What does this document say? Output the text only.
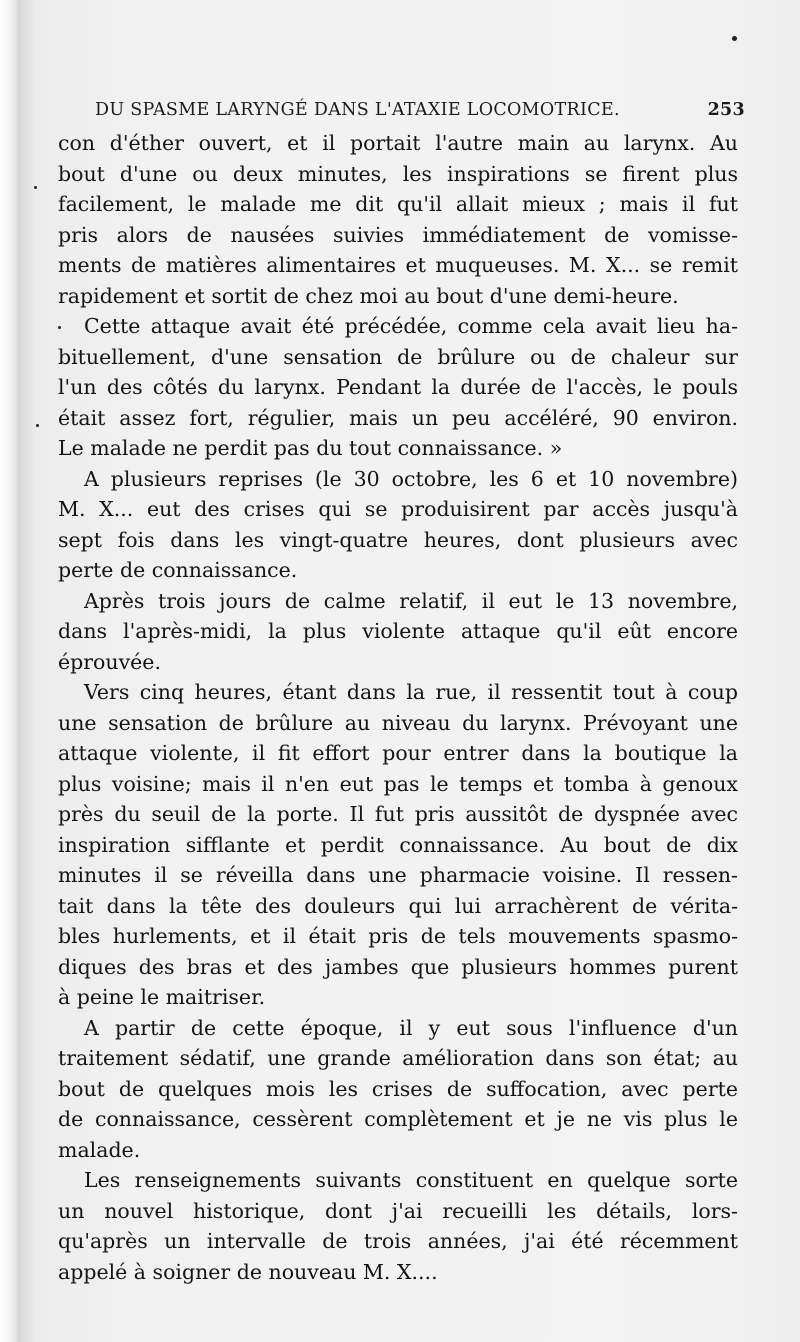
DU SPASME LARYNGÉ DANS L'ATAXIE LOCOMOTRICE.	253
con d'éther ouvert, et il portait l'autre main au larynx. Au
bout d'une ou deux minutes, les inspirations se firent plus
facilement, le malade me dit qu'il allait mieux ; mais il fut
pris alors de nausées suivies immédiatement de vomisse-
ments de matières alimentaires et muqueuses. M. X... se remit
rapidement et sortit de chez moi au bout d'une demi-heure.
Cette attaque avait été précédée, comme cela avait lieu ha-
bituellement, d'une sensation de brûlure ou de chaleur sur
l'un des côtés du larynx. Pendant la durée de l'accès, le pouls
était assez fort, régulier, mais un peu accéléré, 90 environ.
Le malade ne perdit pas du tout connaissance. »
A plusieurs reprises (le 30 octobre, les 6 et 10 novembre)
M. X... eut des crises qui se produisirent par accès jusqu'à
sept fois dans les vingt-quatre heures, dont plusieurs avec
perte de connaissance.
Après trois jours de calme relatif, il eut le 13 novembre,
dans l'après-midi, la plus violente attaque qu'il eût encore
éprouvée.
Vers cinq heures, étant dans la rue, il ressentit tout à coup
une sensation de brûlure au niveau du larynx. Prévoyant une
attaque violente, il fit effort pour entrer dans la boutique la
plus voisine; mais il n'en eut pas le temps et tomba à genoux
près du seuil de la porte. Il fut pris aussitôt de dyspnée avec
inspiration sifflante et perdit connaissance. Au bout de dix
minutes il se réveilla dans une pharmacie voisine. Il ressen-
tait dans la tête des douleurs qui lui arrachèrent de vérita-
bles hurlements, et il était pris de tels mouvements spasmo-
diques des bras et des jambes que plusieurs hommes purent
à peine le maitriser.
A partir de cette époque, il y eut sous l'influence d'un
traitement sédatif, une grande amélioration dans son état; au
bout de quelques mois les crises de suffocation, avec perte
de connaissance, cessèrent complètement et je ne vis plus le
malade.
Les renseignements suivants constituent en quelque sorte
un nouvel historique, dont j'ai recueilli les détails, lors-
qu'après un intervalle de trois années, j'ai été récemment
appelé à soigner de nouveau M. X....
